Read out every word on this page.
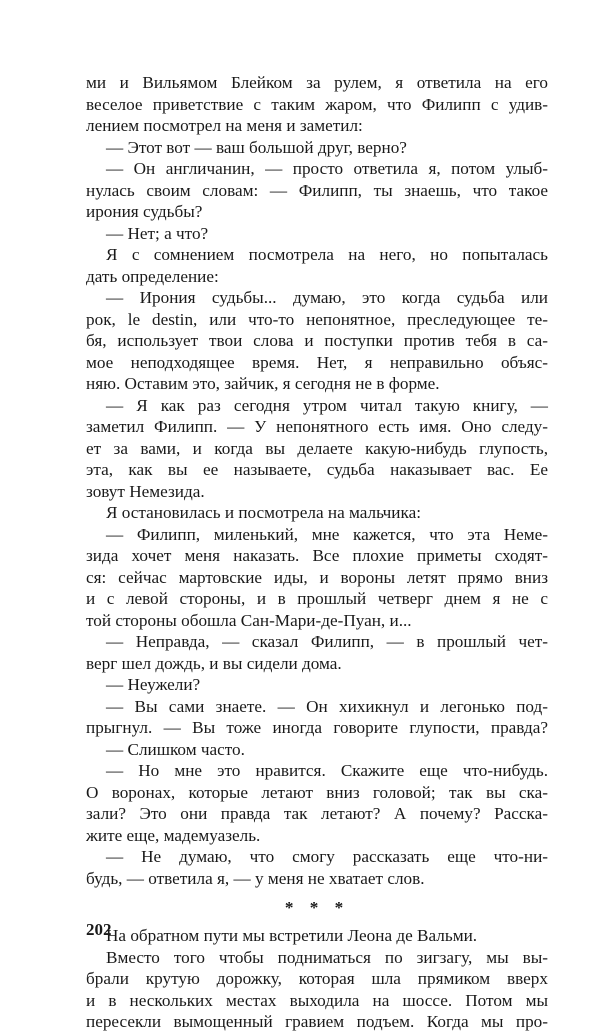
ми и Вильямом Блейком за рулем, я ответила на его
веселое приветствие с таким жаром, что Филипп с удив-
лением посмотрел на меня и заметил:
— Этот вот — ваш большой друг, верно?
— Он англичанин, — просто ответила я, потом улыб-
нулась своим словам: — Филипп, ты знаешь, что такое
ирония судьбы?
— Нет; а что?
Я с сомнением посмотрела на него, но попыталась
дать определение:
— Ирония судьбы... думаю, это когда судьба или
рок, le destin, или что-то непонятное, преследующее те-
бя, использует твои слова и поступки против тебя в са-
мое неподходящее время. Нет, я неправильно объяс-
няю. Оставим это, зайчик, я сегодня не в форме.
— Я как раз сегодня утром читал такую книгу, —
заметил Филипп. — У непонятного есть имя. Оно следу-
ет за вами, и когда вы делаете какую-нибудь глупость,
эта, как вы ее называете, судьба наказывает вас. Ее
зовут Немезида.
Я остановилась и посмотрела на мальчика:
— Филипп, миленький, мне кажется, что эта Неме-
зида хочет меня наказать. Все плохие приметы сходят-
ся: сейчас мартовские иды, и вороны летят прямо вниз
и с левой стороны, и в прошлый четверг днем я не с
той стороны обошла Сан-Мари-де-Пуан, и...
— Неправда, — сказал Филипп, — в прошлый чет-
верг шел дождь, и вы сидели дома.
— Неужели?
— Вы сами знаете. — Он хихикнул и легонько под-
прыгнул. — Вы тоже иногда говорите глупости, правда?
— Слишком часто.
— Но мне это нравится. Скажите еще что-нибудь.
О воронах, которые летают вниз головой; так вы ска-
зали? Это они правда так летают? А почему? Расска-
жите еще, мадемуазель.
— Не думаю, что смогу рассказать еще что-ни-
будь, — ответила я, — у меня не хватает слов.
* * *
На обратном пути мы встретили Леона де Вальми.
Вместо того чтобы подниматься по зигзагу, мы вы-
брали крутую дорожку, которая шла прямиком вверх
и в нескольких местах выходила на шоссе. Потом мы
пересекли вымощенный гравием подъем. Когда мы про-
202
